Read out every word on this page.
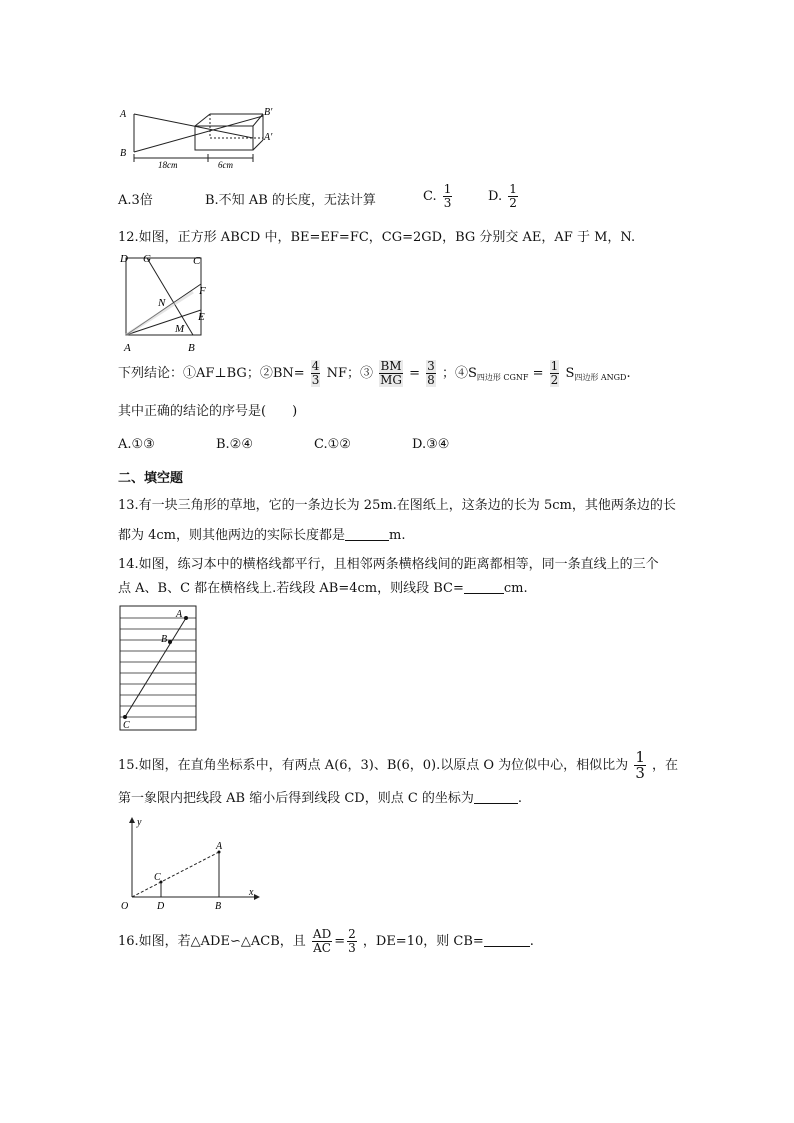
A
B
B′
A′
18cm	6cm
A.3倍	B.不知 AB 的长度，无法计算	C. $\frac{1}{3}$	D. $\frac{1}{2}$
12.如图，正方形 ABCD 中，BE=EF=FC，CG=2GD，BG 分别交 AE，AF 于 M，N.
D G	C
N
F
E
M
A	B
下列结论：①AF⊥BG；②BN= $\frac{4}{3}$ NF；③ $\frac{BM}{MG} = \frac{3}{8}$ ；$④S_{四边形 CGNF} = \frac{1}{2} S_{四边形 ANGD}$.
其中正确的结论的序号是(　　)
A.①③	B.②④	C.①②	D.③④
二、填空题
13.有一块三角形的草地，它的一条边长为 25m.在图纸上，这条边的长为 5cm，其他两条边的长
都为 4cm，则其他两边的实际长度都是	m.
14.如图，练习本中的横格线都平行，且相邻两条横格线间的距离都相等，同一条直线上的三个
点 A、B、C 都在横格线上.若线段 AB=4cm，则线段 BC=	cm.
A
B
C
15.如图，在直角坐标系中，有两点 A(6，3)、B(6，0).以原点 O 为位似中心，相似比为 $\frac{1}{3}$ ，在
第一象限内把线段 AB 缩小后得到线段 CD，则点 C 的坐标为	.
y
x
O
A
C
D	B
16.如图，若△ADE∽△ACB，且 $\frac{AD}{AC} = \frac{2}{3}$ ，DE=10，则 CB=	.
